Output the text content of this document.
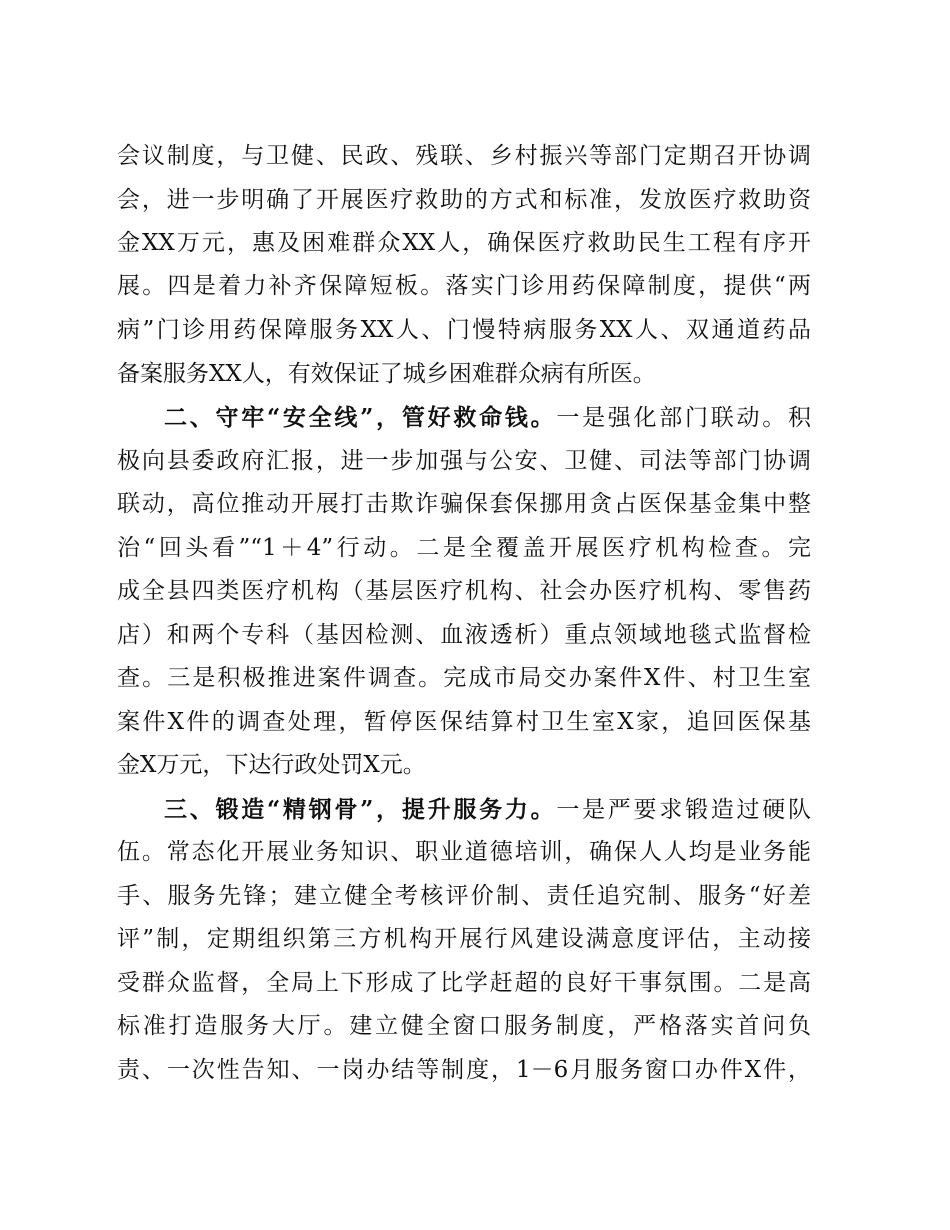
会议制度，与卫健、民政、残联、乡村振兴等部门定期召开协调
会，进一步明确了开展医疗救助的方式和标准，发放医疗救助资
金XX万元，惠及困难群众XX人，确保医疗救助民生工程有序开
展。四是着力补齐保障短板。落实门诊用药保障制度，提供“两
病”门诊用药保障服务XX人、门慢特病服务XX人、双通道药品
备案服务XX人，有效保证了城乡困难群众病有所医。
二、守牢“安全线”，管好救命钱。一是强化部门联动。积
极向县委政府汇报，进一步加强与公安、卫健、司法等部门协调
联动，高位推动开展打击欺诈骗保套保挪用贪占医保基金集中整
治“回头看”“1＋4”行动。二是全覆盖开展医疗机构检查。完
成全县四类医疗机构（基层医疗机构、社会办医疗机构、零售药
店）和两个专科（基因检测、血液透析）重点领域地毯式监督检
查。三是积极推进案件调查。完成市局交办案件X件、村卫生室
案件X件的调查处理，暂停医保结算村卫生室X家，追回医保基
金X万元，下达行政处罚X元。
三、锻造“精钢骨”，提升服务力。一是严要求锻造过硬队
伍。常态化开展业务知识、职业道德培训，确保人人均是业务能
手、服务先锋；建立健全考核评价制、责任追究制、服务“好差
评”制，定期组织第三方机构开展行风建设满意度评估，主动接
受群众监督，全局上下形成了比学赶超的良好干事氛围。二是高
标准打造服务大厅。建立健全窗口服务制度，严格落实首问负
责、一次性告知、一岗办结等制度，1－6月服务窗口办件X件，
